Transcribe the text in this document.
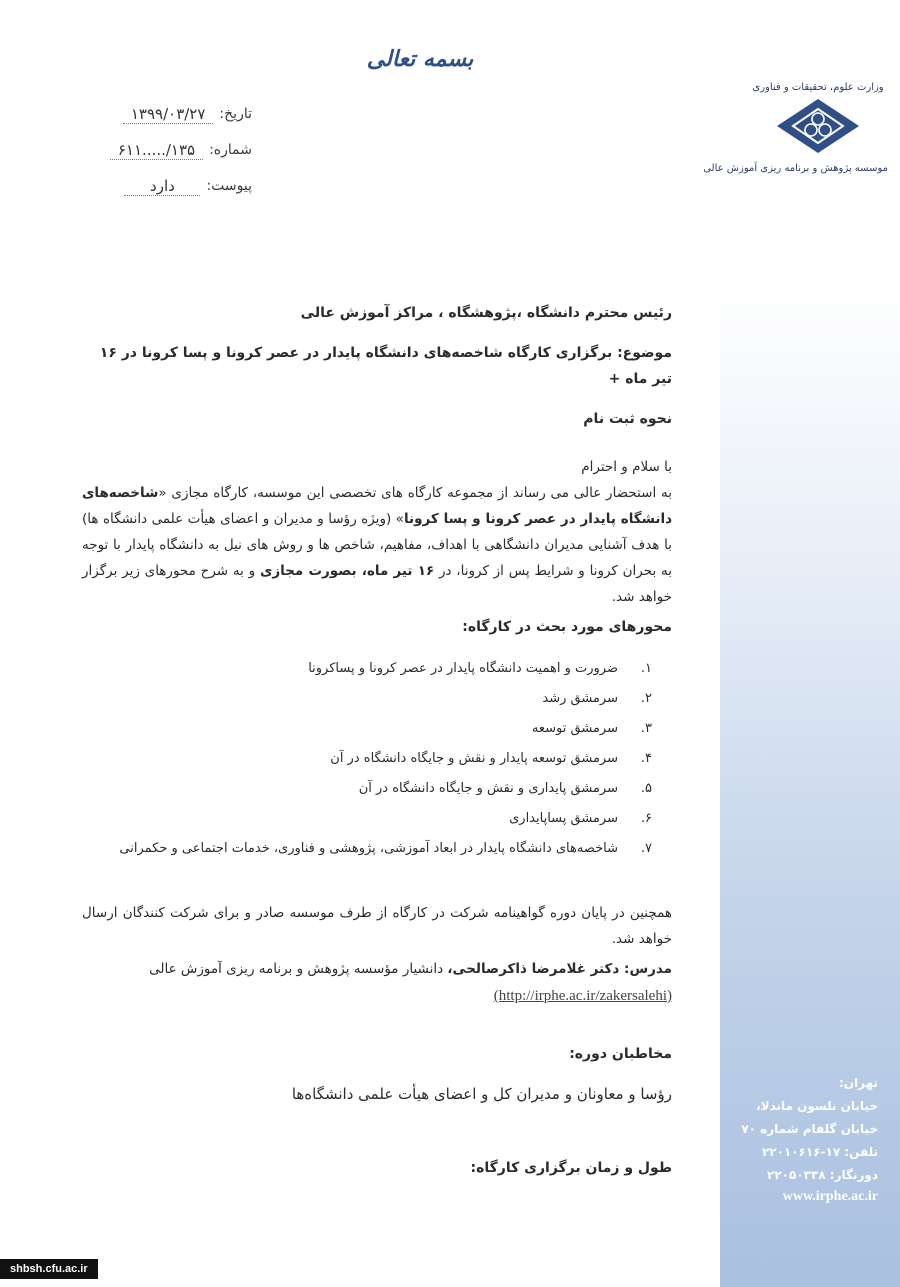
بسمه تعالی
وزارت علوم، تحقیقات و فناوری
موسسه پژوهش و برنامه ریزی آموزش عالی
تاریخ:
۱۳۹۹/۰۳/۲۷
شماره:
۱۳۵/.....۶۱۱
پیوست:
دارد

رئیس محترم دانشگاه ،پژوهشگاه ، مراکز آموزش عالی

موضوع: برگزاری کارگاه شاخصه‌های دانشگاه پایدار در عصر کرونا و پسا کرونا در ۱۶ تیر ماه +

نحوه ثبت نام

با سلام و احترام

به استحضار عالی می رساند از مجموعه کارگاه های تخصصی این موسسه، کارگاه مجازی «شاخصه‌های دانشگاه پایدار در عصر کرونا و پسا کرونا» (ویژه رؤسا و مدیران و اعضای هیأت علمی دانشگاه ها) با هدف آشنایی مدیران دانشگاهی با اهداف، مفاهیم، شاخص ها و روش های نیل به دانشگاه پایدار با توجه به بحران کرونا و شرایط پس از کرونا، در ۱۶ تیر ماه، بصورت مجازی و به شرح محورهای زیر برگزار خواهد شد.

محورهای مورد بحث در کارگاه:

۱.
ضرورت و اهمیت دانشگاه پایدار در عصر کرونا و پساکرونا
۲.
سرمشق رشد
۳.
سرمشق توسعه
۴.
سرمشق توسعه پایدار و نقش و جایگاه دانشگاه در آن
۵.
سرمشق پایداری و نقش و جایگاه دانشگاه در آن
۶.
سرمشق پساپایداری
۷.
شاخصه‌های دانشگاه پایدار در ابعاد آموزشی، پژوهشی و فناوری، خدمات اجتماعی و حکمرانی

همچنین در پایان دوره گواهینامه شرکت در کارگاه از طرف موسسه صادر و برای شرکت کنندگان ارسال خواهد شد.

مدرس: دکتر غلامرضا ذاکرصالحی، دانشیار مؤسسه پژوهش و برنامه ریزی آموزش عالی

(http://irphe.ac.ir/zakersalehi)

مخاطبان دوره:

رؤسا و معاونان و مدیران کل و اعضای هیأت علمی دانشگاه‌ها

طول و زمان برگزاری کارگاه:

تهران:
خیابان نلسون ماندلا،
خیابان گلفام شماره ۷۰
تلفن: ۱۷-۲۲۰۱۰۶۱۶
دورنگار: ۲۲۰۵۰۳۳۸
www.irphe.ac.ir
shbsh.cfu.ac.ir
